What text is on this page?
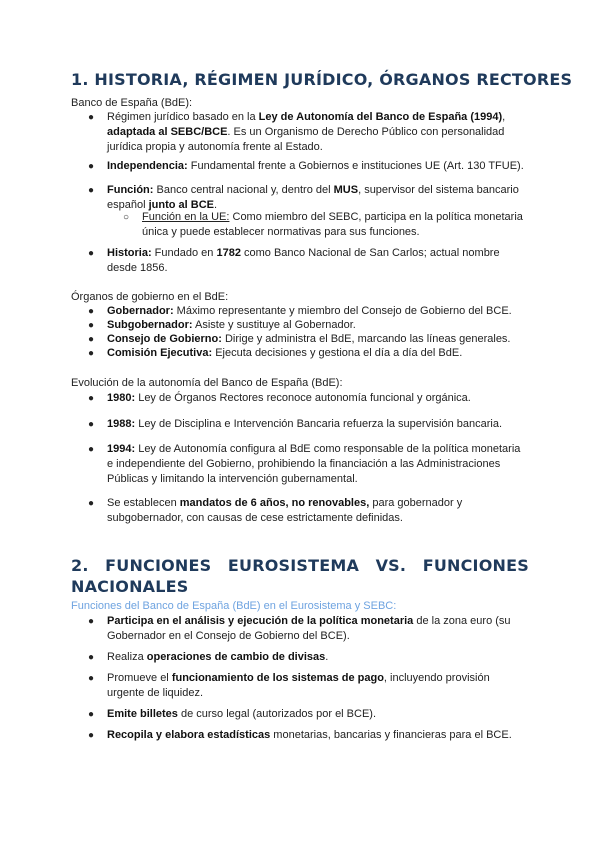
1. HISTORIA, RÉGIMEN JURÍDICO, ÓRGANOS RECTORES

Banco de España (BdE):

● Régimen jurídico basado en la Ley de Autonomía del Banco de España (1994), adaptada al SEBC/BCE. Es un Organismo de Derecho Público con personalidad jurídica propia y autonomía frente al Estado.
● Independencia: Fundamental frente a Gobiernos e instituciones UE (Art. 130 TFUE).
● Función: Banco central nacional y, dentro del MUS, supervisor del sistema bancario español junto al BCE.
○ Función en la UE: Como miembro del SEBC, participa en la política monetaria única y puede establecer normativas para sus funciones.
● Historia: Fundado en 1782 como Banco Nacional de San Carlos; actual nombre desde 1856.

Órganos de gobierno en el BdE:

● Gobernador: Máximo representante y miembro del Consejo de Gobierno del BCE.
● Subgobernador: Asiste y sustituye al Gobernador.
● Consejo de Gobierno: Dirige y administra el BdE, marcando las líneas generales.
● Comisión Ejecutiva: Ejecuta decisiones y gestiona el día a día del BdE.

Evolución de la autonomía del Banco de España (BdE):

● 1980: Ley de Órganos Rectores reconoce autonomía funcional y orgánica.
● 1988: Ley de Disciplina e Intervención Bancaria refuerza la supervisión bancaria.
● 1994: Ley de Autonomía configura al BdE como responsable de la política monetaria e independiente del Gobierno, prohibiendo la financiación a las Administraciones Públicas y limitando la intervención gubernamental.
● Se establecen mandatos de 6 años, no renovables, para gobernador y subgobernador, con causas de cese estrictamente definidas.
2. FUNCIONES EUROSISTEMA VS. FUNCIONES
NACIONALES

Funciones del Banco de España (BdE) en el Eurosistema y SEBC:

● Participa en el análisis y ejecución de la política monetaria de la zona euro (su Gobernador en el Consejo de Gobierno del BCE).
● Realiza operaciones de cambio de divisas.
● Promueve el funcionamiento de los sistemas de pago, incluyendo provisión urgente de liquidez.
● Emite billetes de curso legal (autorizados por el BCE).
● Recopila y elabora estadísticas monetarias, bancarias y financieras para el BCE.
